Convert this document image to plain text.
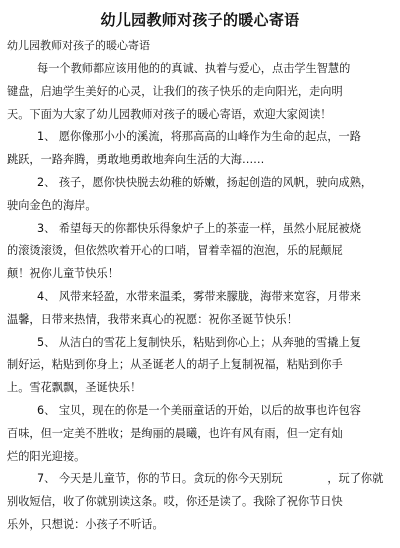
幼儿园教师对孩子的暖心寄语
幼儿园教师对孩子的暖心寄语
每一个教师都应该用他的的真诚、执着与爱心，点击学生智慧的
键盘，启迪学生美好的心灵，让我们的孩子快乐的走向阳光，走向明
天。下面为大家了幼儿园教师对孩子的暖心寄语，欢迎大家阅读！
1、 愿你像那小小的溪流，将那高高的山峰作为生命的起点，一路
跳跃，一路奔腾，勇敢地勇敢地奔向生活的大海……
2、 孩子，愿你快快脱去幼稚的娇嫩，扬起创造的风帆，驶向成熟，
驶向金色的海岸。
3、 希望每天的你都快乐得象炉子上的茶壶一样，虽然小屁屁被烧
的滚烫滚烫，但依然吹着开心的口哨，冒着幸福的泡泡，乐的屁颠屁
颠！祝你儿童节快乐！
4、 风带来轻盈，水带来温柔，雾带来朦胧，海带来宽容，月带来
温馨，日带来热情，我带来真心的祝愿：祝你圣诞节快乐！
5、 从洁白的雪花上复制快乐，粘贴到你心上；从奔驰的雪撬上复
制好运，粘贴到你身上；从圣诞老人的胡子上复制祝福，粘贴到你手
上。雪花飘飘，圣诞快乐！
6、 宝贝，现在的你是一个美丽童话的开始，以后的故事也许包容
百味，但一定美不胜收；是绚丽的晨曦，也许有风有雨，但一定有灿
烂的阳光迎接。
7、 今天是儿童节，你的节日。贪玩的你今天别玩　　　　，玩了你就
别收短信，收了你就别读这条。哎，你还是读了。我除了祝你节日快
乐外，只想说：小孩子不听话。
